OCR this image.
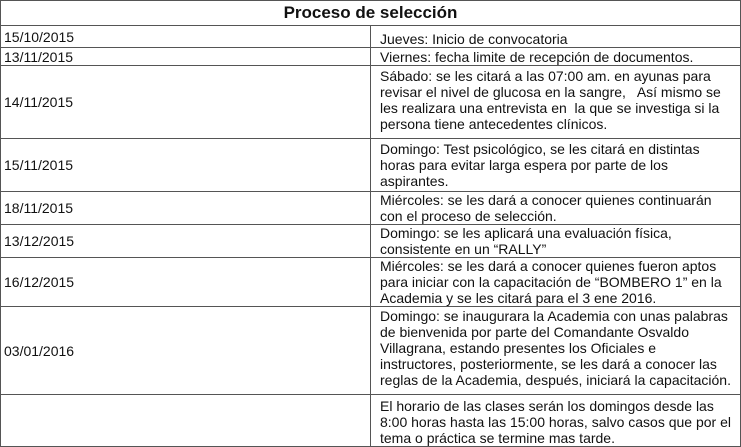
Proceso de selección	
15/10/2015	Jueves: Inicio de convocatoria
13/11/2015	Viernes: fecha limite de recepción de documentos.
14/11/2015	Sábado: se les citará a las 07:00 am. en ayunas para revisar el nivel de glucosa en la sangre,   Así mismo se les realizara una entrevista en  la que se investiga si la persona tiene antecedentes clínicos.

15/11/2015	Domingo: Test psicológico, se les citará en distintas horas para evitar larga espera por parte de los aspirantes.

18/11/2015	Miércoles: se les dará a conocer quienes continuarán con el proceso de selección.
13/12/2015	Domingo: se les aplicará una evaluación física, consistente en un “RALLY”
16/12/2015	Miércoles: se les dará a conocer quienes fueron aptos para iniciar con la capacitación de “BOMBERO 1” en la Academia y se les citará para el 3 ene 2016.
03/01/2016	Domingo: se inaugurara la Academia con unas palabras de bienvenida por parte del Comandante Osvaldo Villagrana, estando presentes los Oficiales e instructores, posteriormente, se les dará a conocer las reglas de la Academia, después, iniciará la capacitación.

	El horario de las clases serán los domingos desde las 8:00 horas hasta las 15:00 horas, salvo casos que por el tema o práctica se termine mas tarde.
